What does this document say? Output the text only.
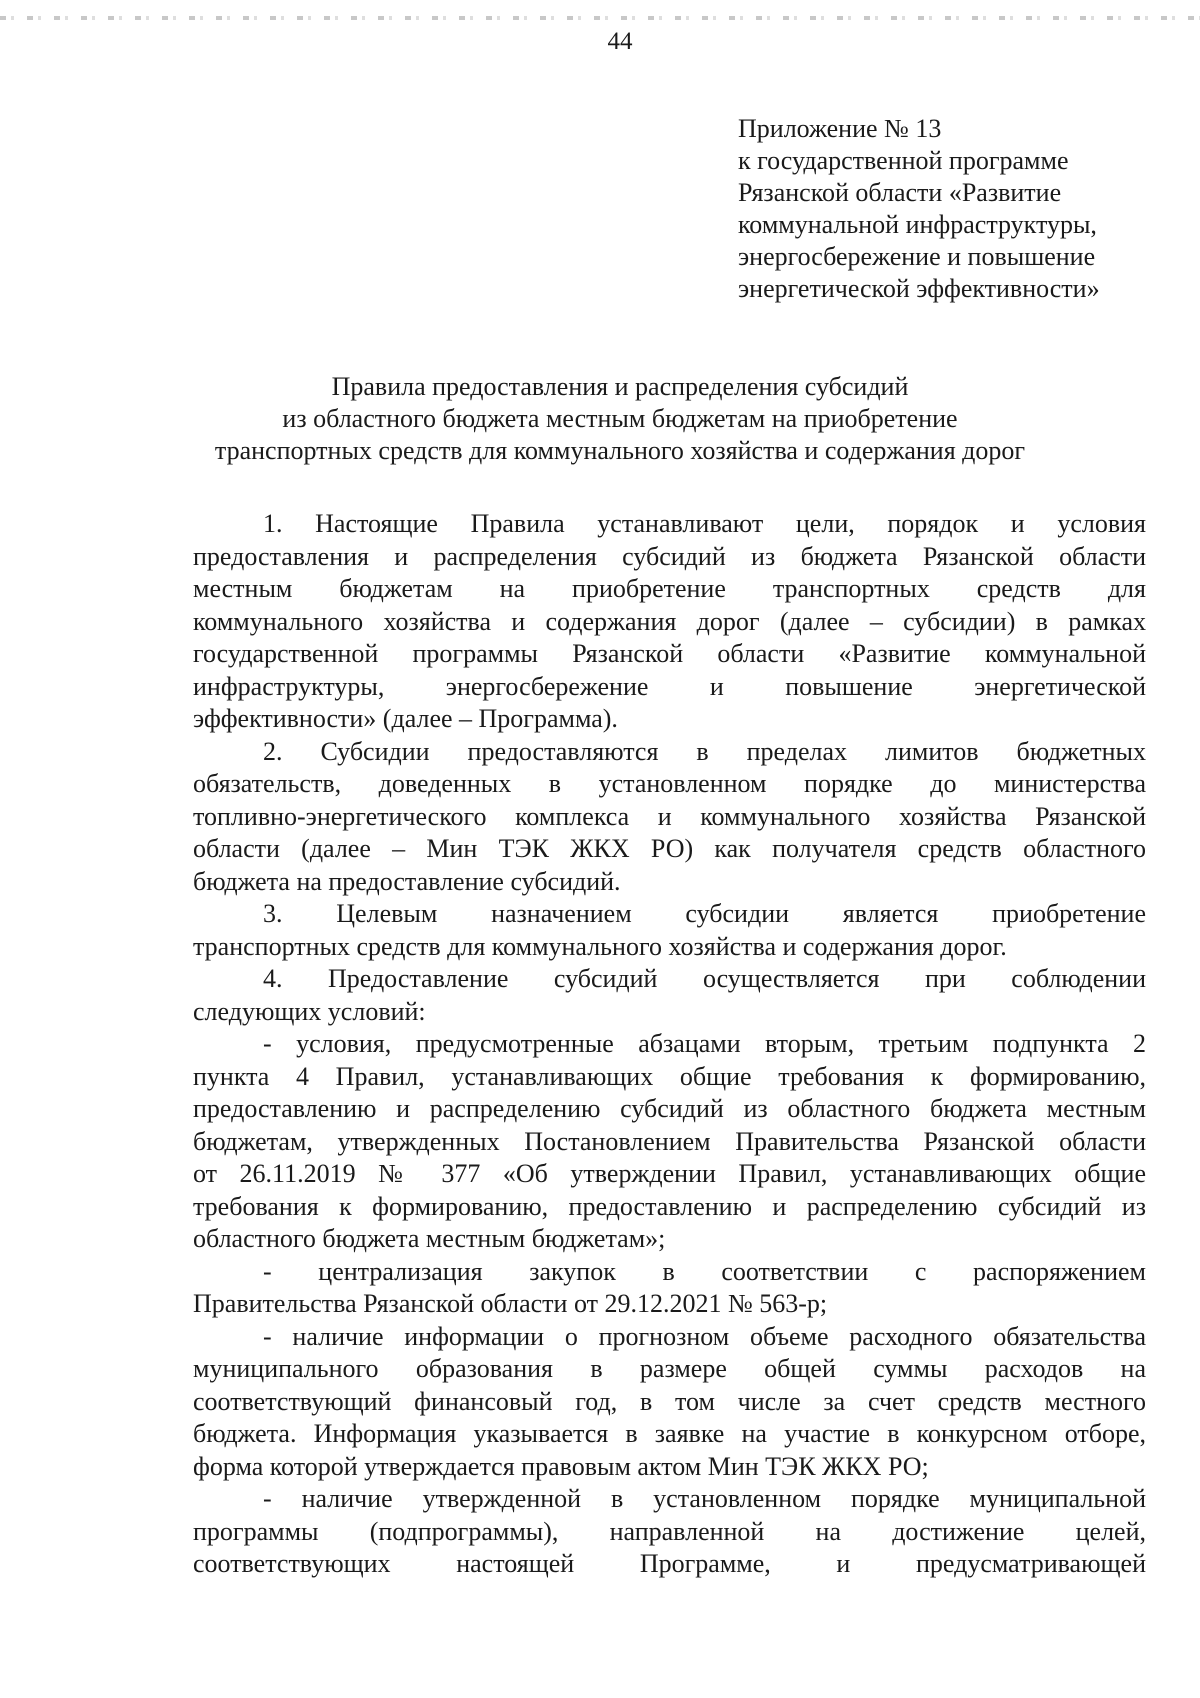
44
Приложение № 13
к государственной программе
Рязанской области «Развитие
коммунальной инфраструктуры,
энергосбережение и повышение
энергетической эффективности»
Правила предоставления и распределения субсидий
из областного бюджета местным бюджетам на приобретение
транспортных средств для коммунального хозяйства и содержания дорог
1. Настоящие Правила устанавливают цели, порядок и условия
предоставления и распределения субсидий из бюджета Рязанской области
местным бюджетам на приобретение транспортных средств для
коммунального хозяйства и содержания дорог (далее – субсидии) в рамках
государственной программы Рязанской области «Развитие коммунальной
инфраструктуры, энергосбережение и повышение энергетической
эффективности» (далее – Программа).
2. Субсидии предоставляются в пределах лимитов бюджетных
обязательств, доведенных в установленном порядке до министерства
топливно-энергетического комплекса и коммунального хозяйства Рязанской
области (далее – Мин ТЭК ЖКХ РО) как получателя средств областного
бюджета на предоставление субсидий.
3. Целевым назначением субсидии является приобретение
транспортных средств для коммунального хозяйства и содержания дорог.
4. Предоставление субсидий осуществляется при соблюдении
следующих условий:
- условия, предусмотренные абзацами вторым, третьим подпункта 2
пункта 4 Правил, устанавливающих общие требования к формированию,
предоставлению и распределению субсидий из областного бюджета местным
бюджетам, утвержденных Постановлением Правительства Рязанской области
от 26.11.2019 № 377 «Об утверждении Правил, устанавливающих общие
требования к формированию, предоставлению и распределению субсидий из
областного бюджета местным бюджетам»;
- централизация закупок в соответствии с распоряжением
Правительства Рязанской области от 29.12.2021 № 563-р;
- наличие информации о прогнозном объеме расходного обязательства
муниципального образования в размере общей суммы расходов на
соответствующий финансовый год, в том числе за счет средств местного
бюджета. Информация указывается в заявке на участие в конкурсном отборе,
форма которой утверждается правовым актом Мин ТЭК ЖКХ РО;
- наличие утвержденной в установленном порядке муниципальной
программы (подпрограммы), направленной на достижение целей,
соответствующих настоящей Программе, и предусматривающей
